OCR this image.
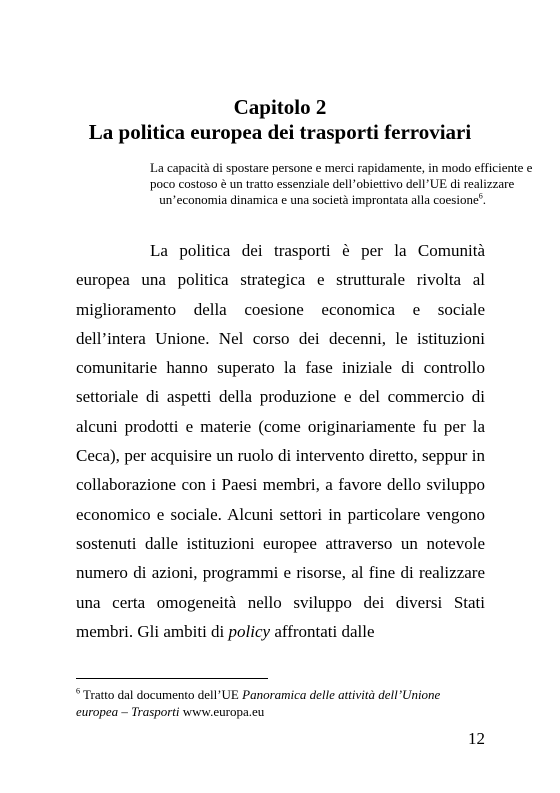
Capitolo 2
La politica europea dei trasporti ferroviari

La capacità di spostare persone e merci rapidamente, in modo efficiente e

poco costoso è un tratto essenziale dell’obiettivo dell’UE di realizzare

un’economia dinamica e una società improntata alla coesione$^6$.

La politica dei trasporti è per la Comunità europea una politica strategica e strutturale rivolta al miglioramento della coesione economica e sociale dell’intera Unione. Nel corso dei decenni, le istituzioni comunitarie hanno superato la fase iniziale di controllo settoriale di aspetti della produzione e del commercio di alcuni prodotti e materie (come originariamente fu per la Ceca), per acquisire un ruolo di intervento diretto, seppur in collaborazione con i Paesi membri, a favore dello sviluppo economico e sociale. Alcuni settori in particolare vengono sostenuti dalle istituzioni europee attraverso un notevole numero di azioni, programmi e risorse, al fine di realizzare una certa omogeneità nello sviluppo dei diversi Stati membri. Gli ambiti di policy affrontati dalle

$^6$ Tratto dal documento dell’UE Panoramica delle attività dell’Unione europea – Trasporti www.europa.eu

12
